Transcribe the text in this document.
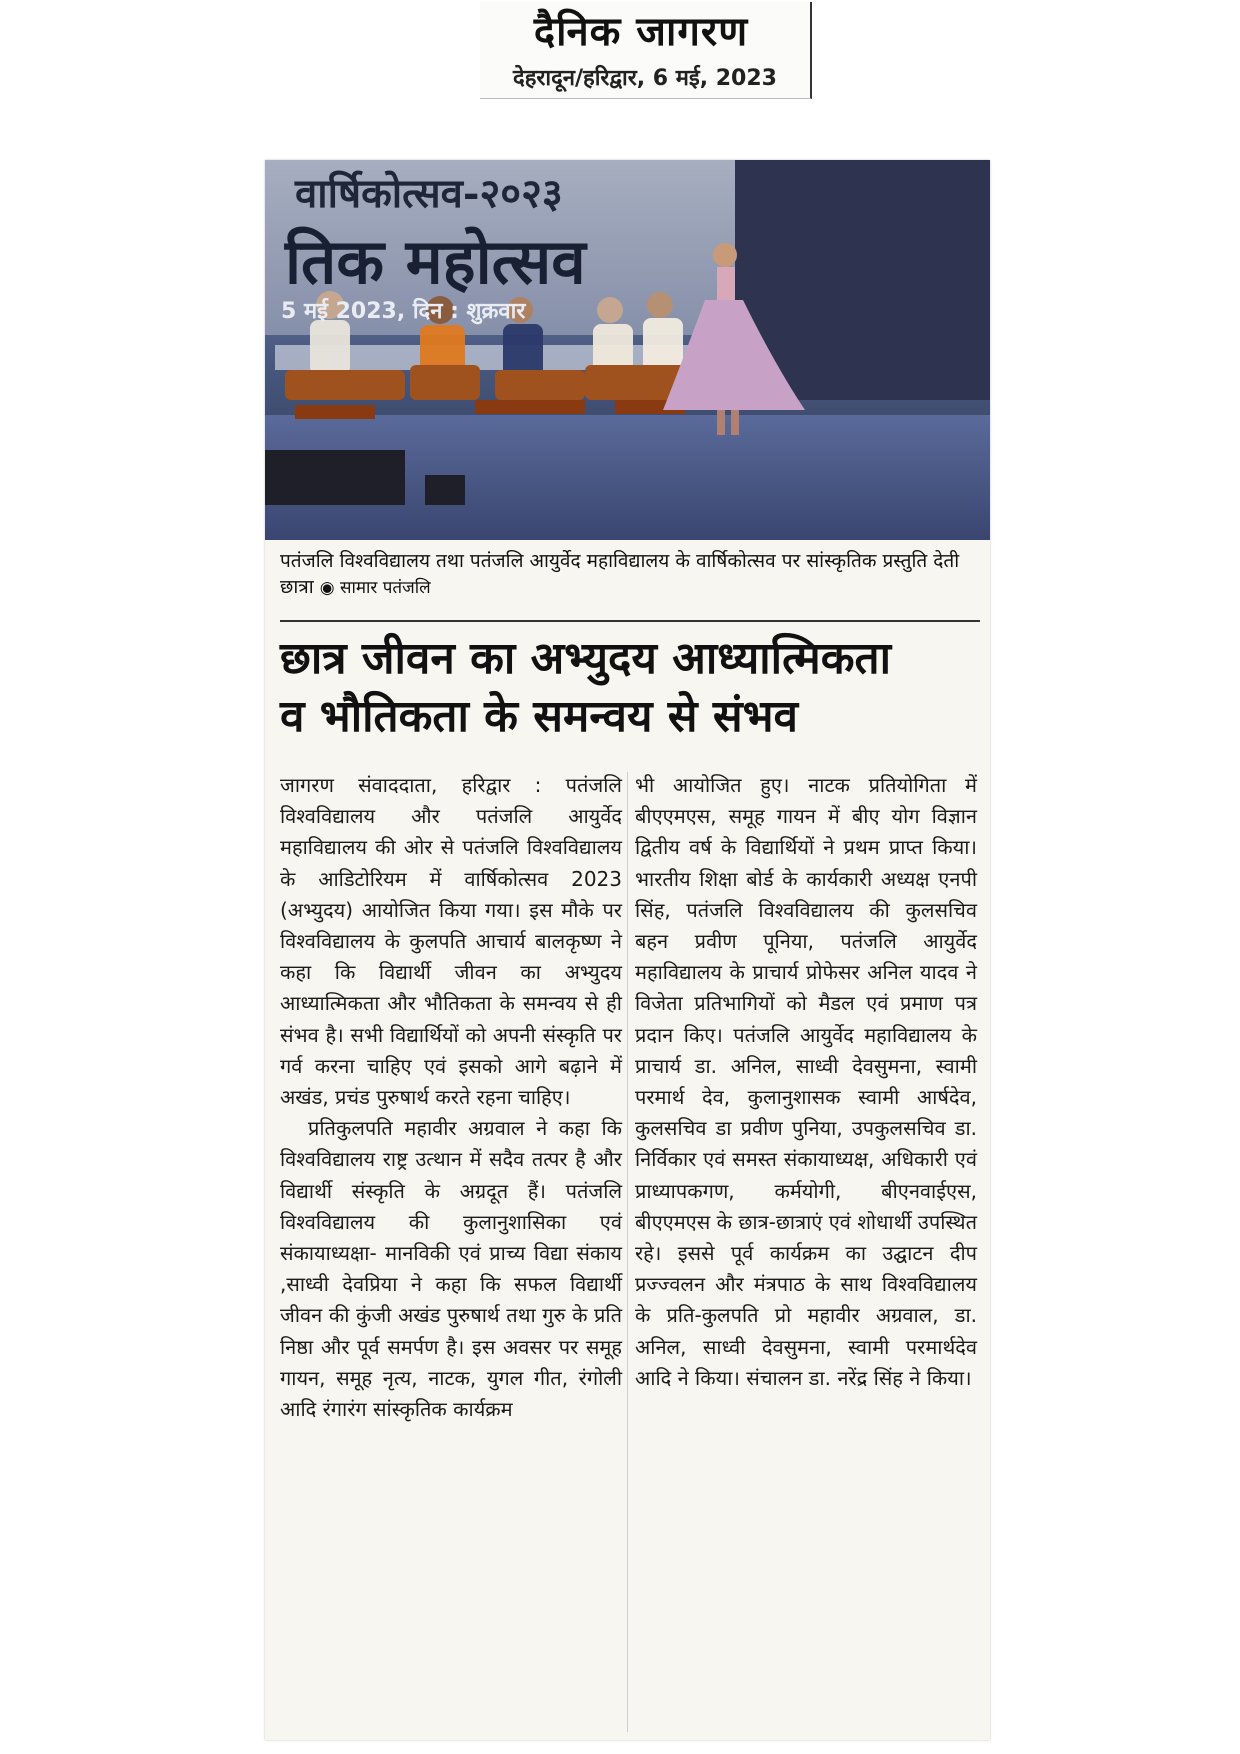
दैनिक जागरण
देहरादून/हरिद्वार, 6 मई, 2023
वार्षिकोत्सव-२०२३
तिक महोत्सव
5 मई 2023, दिन : शुक्रवार
पतंजलि विश्वविद्यालय तथा पतंजलि आयुर्वेद महाविद्यालय के वार्षिकोत्सव पर सांस्कृतिक प्रस्तुति देती छात्रा ◉ सामार पतंजलि
छात्र जीवन का अभ्युदय आध्यात्मिकता
व भौतिकता के समन्वय से संभव

जागरण संवाददाता, हरिद्वार : पतंजलि विश्वविद्यालय और पतंजलि आयुर्वेद महाविद्यालय की ओर से पतंजलि विश्वविद्यालय के आडिटोरियम में वार्षिकोत्सव 2023 (अभ्युदय) आयोजित किया गया। इस मौके पर विश्वविद्यालय के कुलपति आचार्य बालकृष्ण ने कहा कि विद्यार्थी जीवन का अभ्युदय आध्यात्मिकता और भौतिकता के समन्वय से ही संभव है। सभी विद्यार्थियों को अपनी संस्कृति पर गर्व करना चाहिए एवं इसको आगे बढ़ाने में अखंड, प्रचंड पुरुषार्थ करते रहना चाहिए।

प्रतिकुलपति महावीर अग्रवाल ने कहा कि विश्वविद्यालय राष्ट्र उत्थान में सदैव तत्पर है और विद्यार्थी संस्कृति के अग्रदूत हैं। पतंजलि विश्वविद्यालय की कुलानुशासिका एवं संकायाध्यक्षा- मानविकी एवं प्राच्य विद्या संकाय ,साध्वी देवप्रिया ने कहा कि सफल विद्यार्थी जीवन की कुंजी अखंड पुरुषार्थ तथा गुरु के प्रति निष्ठा और पूर्व समर्पण है। इस अवसर पर समूह गायन, समूह नृत्य, नाटक, युगल गीत, रंगोली आदि रंगारंग सांस्कृतिक कार्यक्रम

भी आयोजित हुए। नाटक प्रतियोगिता में बीएएमएस, समूह गायन में बीए योग विज्ञान द्वितीय वर्ष के विद्यार्थियों ने प्रथम प्राप्त किया। भारतीय शिक्षा बोर्ड के कार्यकारी अध्यक्ष एनपी सिंह, पतंजलि विश्वविद्यालय की कुलसचिव बहन प्रवीण पूनिया, पतंजलि आयुर्वेद महाविद्यालय के प्राचार्य प्रोफेसर अनिल यादव ने विजेता प्रतिभागियों को मैडल एवं प्रमाण पत्र प्रदान किए। पतंजलि आयुर्वेद महाविद्यालय के प्राचार्य डा. अनिल, साध्वी देवसुमना, स्वामी परमार्थ देव, कुलानुशासक स्वामी आर्षदेव, कुलसचिव डा प्रवीण पुनिया, उपकुलसचिव डा. निर्विकार एवं समस्त संकायाध्यक्ष, अधिकारी एवं प्राध्यापकगण, कर्मयोगी, बीएनवाईएस, बीएएमएस के छात्र-छात्राएं एवं शोधार्थी उपस्थित रहे। इससे पूर्व कार्यक्रम का उद्घाटन दीप प्रज्ज्वलन और मंत्रपाठ के साथ विश्वविद्यालय के प्रति-कुलपति प्रो महावीर अग्रवाल, डा. अनिल, साध्वी देवसुमना, स्वामी परमार्थदेव आदि ने किया। संचालन डा. नरेंद्र सिंह ने किया।
